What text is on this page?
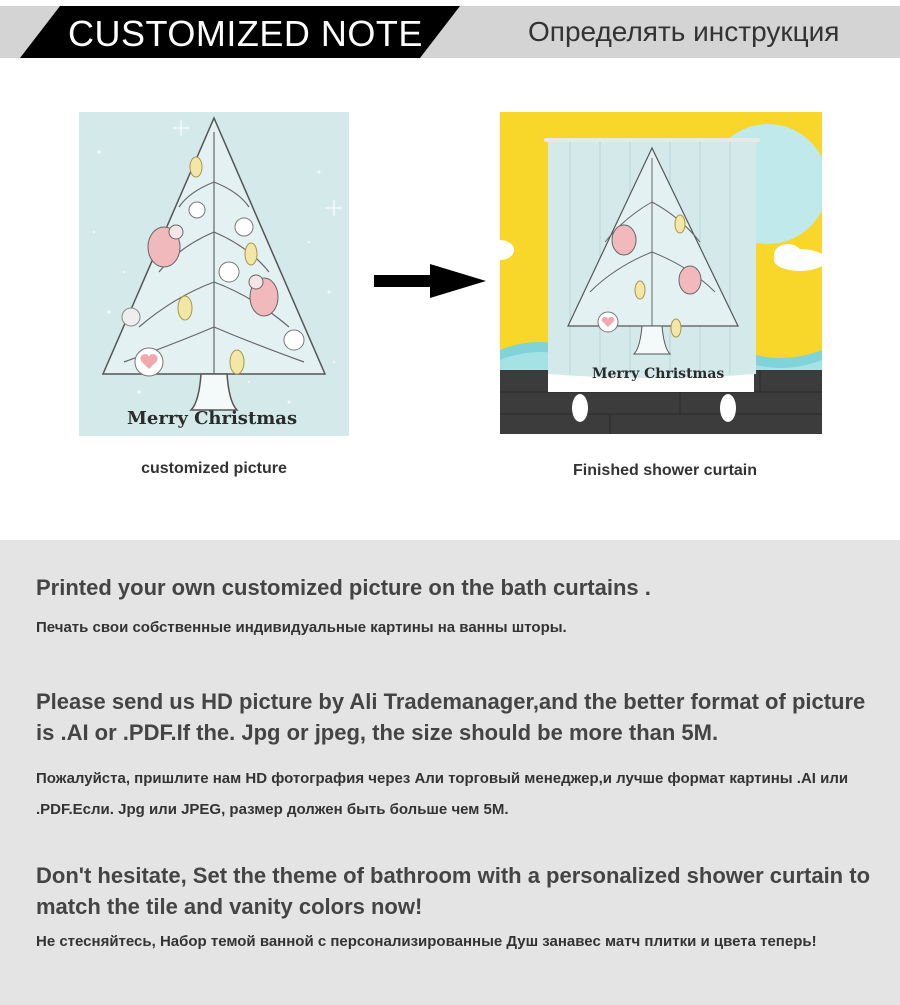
CUSTOMIZED NOTE	Определять инструкция
Merry Christmas
Merry Christmas
customized picture	Finished shower curtain
Printed your own customized picture on the bath curtains .
Печать свои собственные индивидуальные картины на ванны шторы.
Please send us HD picture by Ali Trademanager,and the better format of picture is .AI or .PDF.If the. Jpg or jpeg, the size should be more than 5M.
Пожалуйста, пришлите нам HD фотография через Али торговый менеджер,и лучше формат картины .AI или .PDF.Если. Jpg или JPEG, размер должен быть больше чем 5M.
Don't hesitate, Set the theme of bathroom with a personalized shower curtain to match the tile and vanity colors now!
Не стесняйтесь, Набор темой ванной с персонализированные Душ занавес матч плитки и цвета теперь!
